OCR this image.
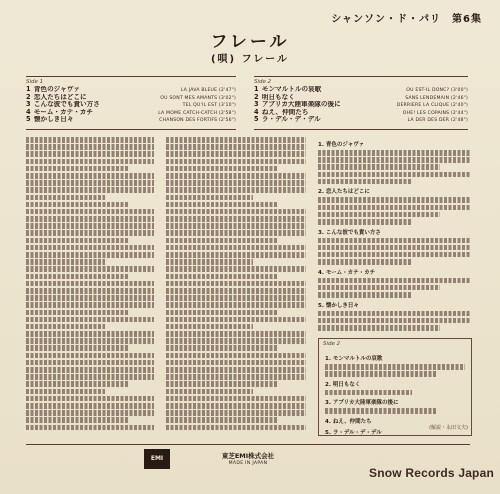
シャンソン・ド・パリ　第6集
フレール
(唄) フレール
Side 1
1 青色のジャヴァ	LA JAVA BLEUE (2'47")
2 恋人たちはどこに	OU SONT MES AMANTS (3'02")
3 こんな彼でも貴い方さ	TEL QU'IL EST (3'10")
4 モーム・カテ・カチ	LA MOME CATCH-CATCH (2'58")
5 懐かしき日々	CHANSON DES FORTIFS (2'56")
Side 2
1 モンマルトルの哀歌	OU EST-IL DONC? (3'00")
2 明日もなく	SANS LENDEMAIN (2'46")
3 アプリカ大陸軍楽隊の後に	DERRIERE LA CLIQUE (2'40")
4 ねえ、仲間たち	OHE! LES COPAINS (2'44")
5 ラ・デル・デ・デル	LA DER DES DER (2'48")
1. 青色のジャヴァ
2. 恋人たちはどこに
3. こんな彼でも貴い方さ
4. モーム・カテ・カチ
5. 懐かしき日々
Side 2
1. モンマルトルの哀歌
2. 明日もなく
3. アプリカ大陸軍楽隊の後に
4. ねえ、仲間たち
5. ラ・デル・デ・デル
(解説・永田文夫)
EMI	東芝EMI株式会社
MADE IN JAPAN
Snow Records Japan
